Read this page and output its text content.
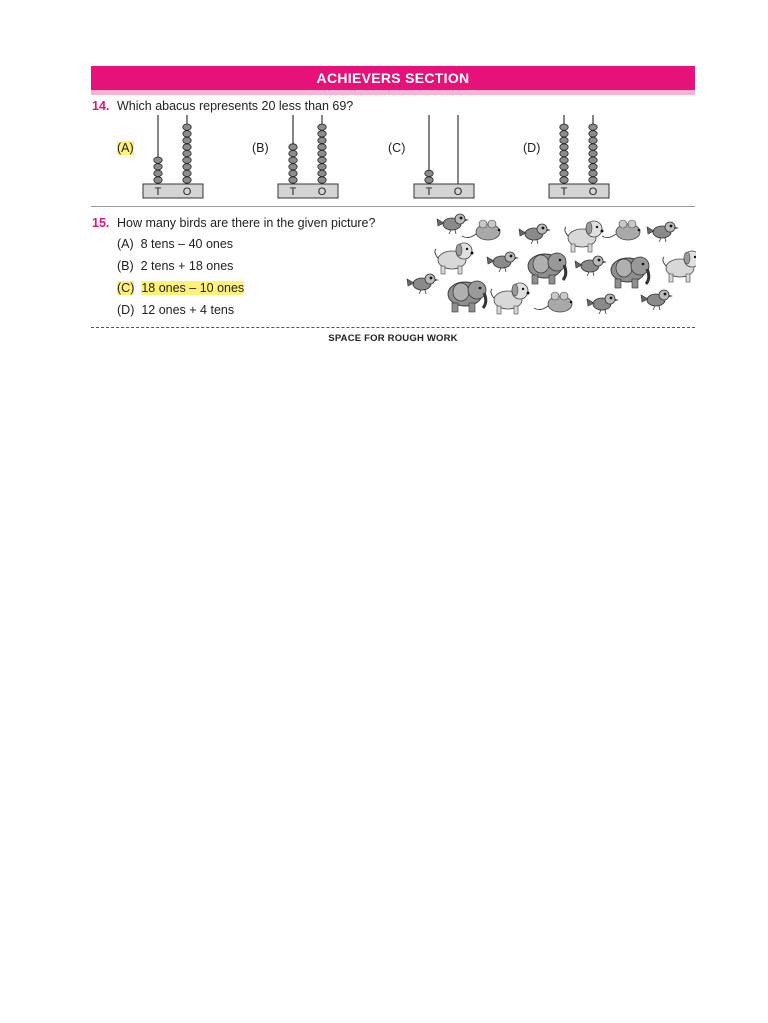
ACHIEVERS SECTION
14. Which abacus represents 20 less than 69?
(A)	(B)	(C)	(D)
T O	T O	T O	T O
15. How many birds are there in the given picture?
(A) 8 tens – 40 ones
(B) 2 tens + 18 ones
(C) 18 ones – 10 ones
(D) 12 ones + 4 tens
SPACE FOR ROUGH WORK
